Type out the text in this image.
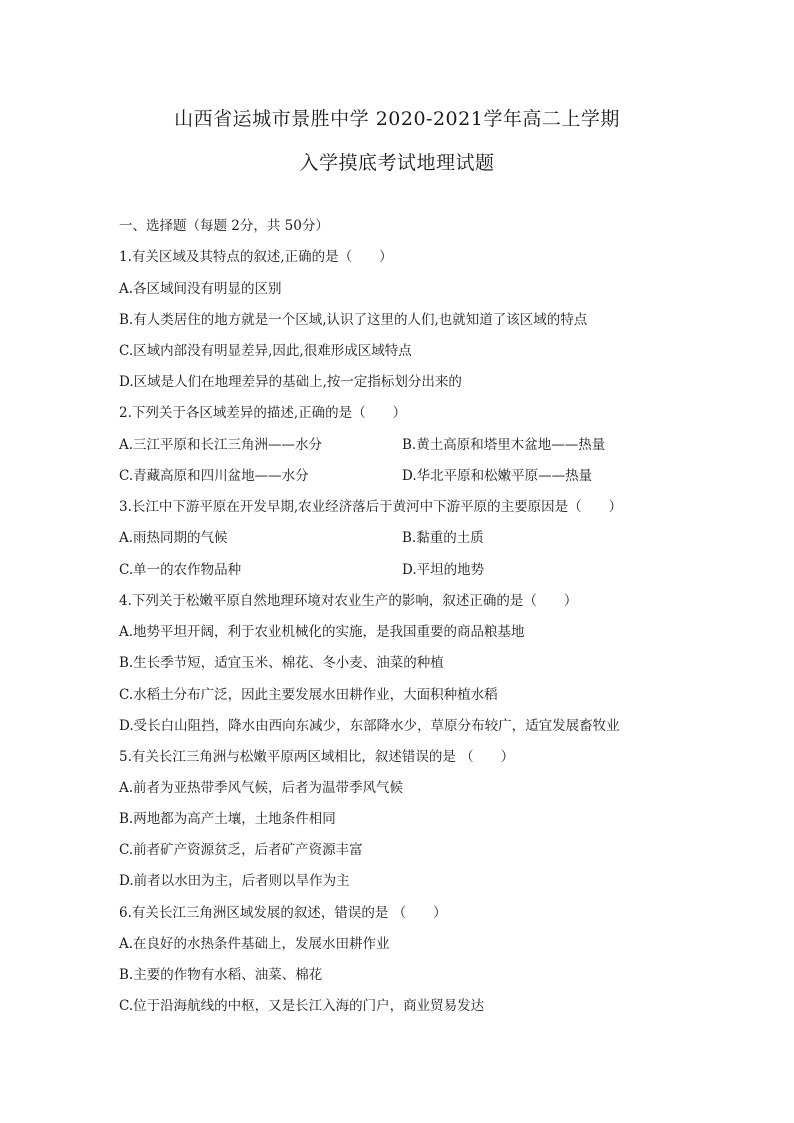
山西省运城市景胜中学 2020-2021学年高二上学期
入学摸底考试地理试题
一、选择题（每题 2分，共 50分）
1.有关区域及其特点的叙述,正确的是（　　）
A.各区域间没有明显的区别
B.有人类居住的地方就是一个区域,认识了这里的人们,也就知道了该区域的特点
C.区域内部没有明显差异,因此,很难形成区域特点
D.区域是人们在地理差异的基础上,按一定指标划分出来的
2.下列关于各区域差异的描述,正确的是（　　）
A.三江平原和长江三角洲——水分	B.黄土高原和塔里木盆地——热量
C.青藏高原和四川盆地——水分	D.华北平原和松嫩平原——热量
3.长江中下游平原在开发早期,农业经济落后于黄河中下游平原的主要原因是（　　）
A.雨热同期的气候	B.黏重的土质
C.单一的农作物品种	D.平坦的地势
4.下列关于松嫩平原自然地理环境对农业生产的影响，叙述正确的是（　　）
A.地势平坦开阔，利于农业机械化的实施，是我国重要的商品粮基地
B.生长季节短，适宜玉米、棉花、冬小麦、油菜的种植
C.水稻土分布广泛，因此主要发展水田耕作业，大面积种植水稻
D.受长白山阻挡，降水由西向东减少，东部降水少，草原分布较广，适宜发展畜牧业
5.有关长江三角洲与松嫩平原两区域相比，叙述错误的是 （　　）
A.前者为亚热带季风气候，后者为温带季风气候
B.两地都为高产土壤，土地条件相同
C.前者矿产资源贫乏，后者矿产资源丰富
D.前者以水田为主，后者则以旱作为主
6.有关长江三角洲区域发展的叙述，错误的是 （　　）
A.在良好的水热条件基础上，发展水田耕作业
B.主要的作物有水稻、油菜、棉花
C.位于沿海航线的中枢，又是长江入海的门户，商业贸易发达
